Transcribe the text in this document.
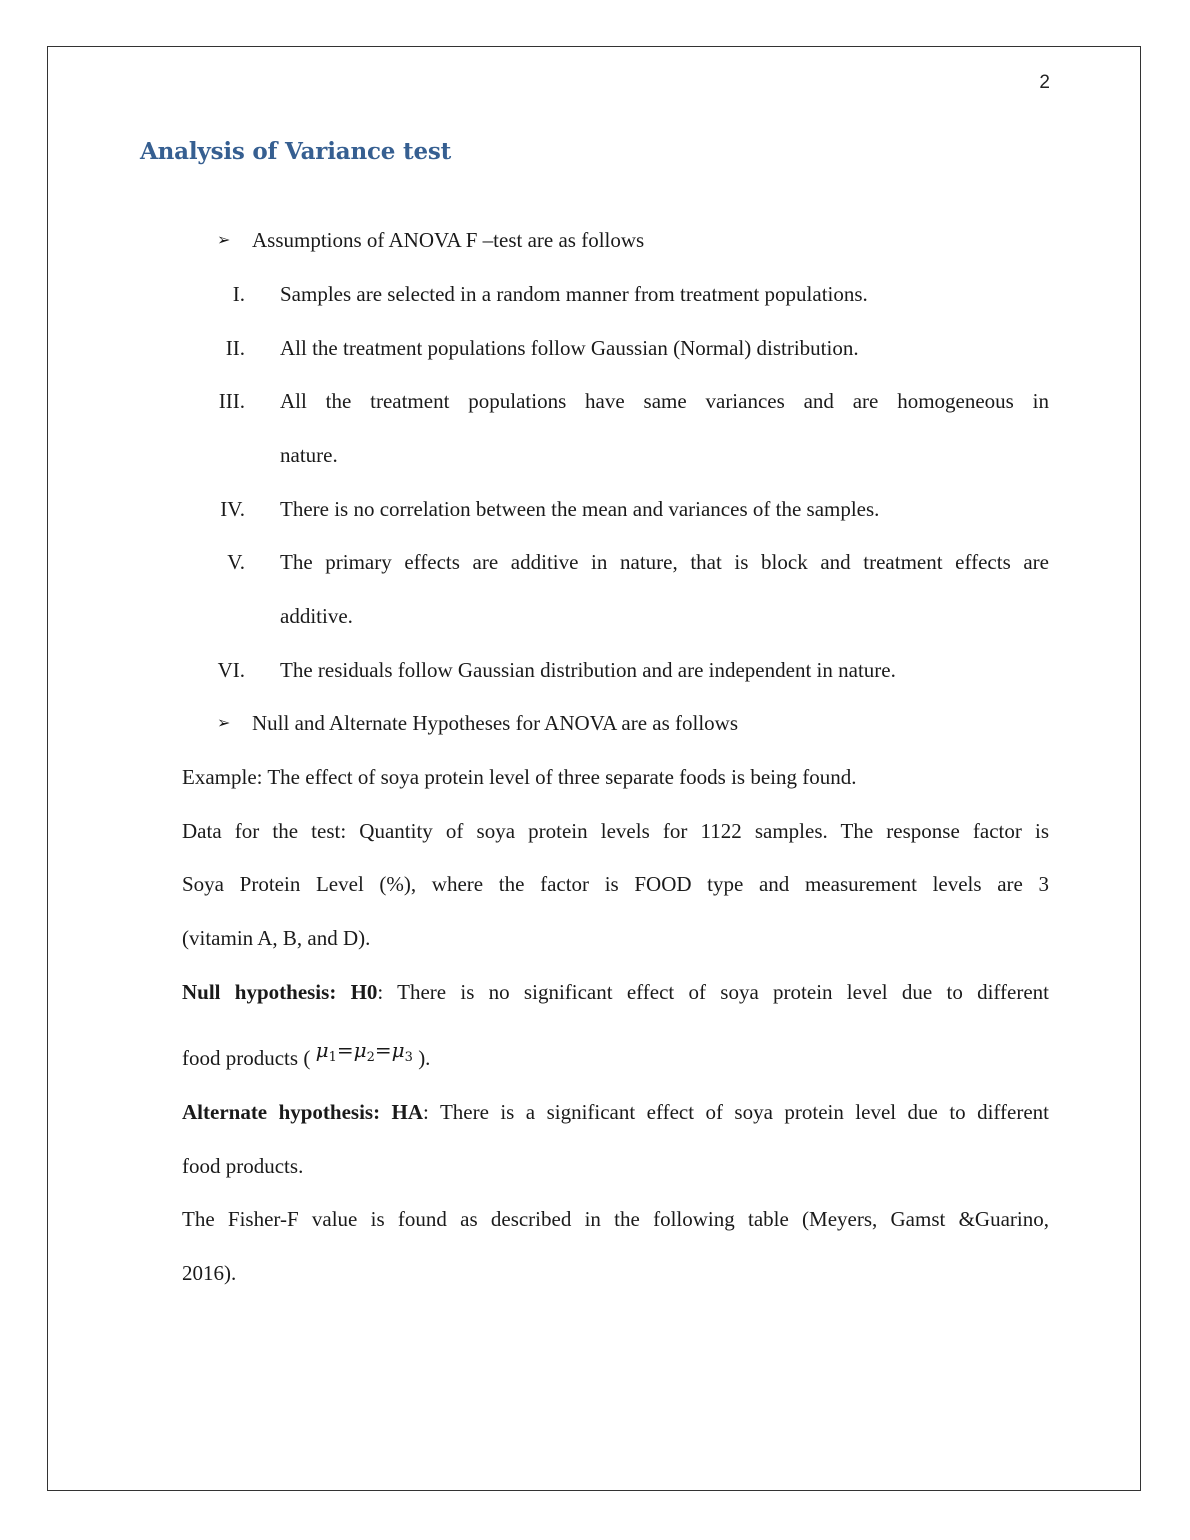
2
Analysis of Variance test
➢ Assumptions of ANOVA F –test are as follows
I. Samples are selected in a random manner from treatment populations.
II. All the treatment populations follow Gaussian (Normal) distribution.
III. All the treatment populations have same variances and are homogeneous in
nature.
IV. There is no correlation between the mean and variances of the samples.
V. The primary effects are additive in nature, that is block and treatment effects are
additive.
VI. The residuals follow Gaussian distribution and are independent in nature.
➢ Null and Alternate Hypotheses for ANOVA are as follows
Example: The effect of soya protein level of three separate foods is being found.
Data for the test: Quantity of soya protein levels for 1122 samples. The response factor is
Soya Protein Level (%), where the factor is FOOD type and measurement levels are 3
(vitamin A, B, and D).
Null hypothesis: H0: There is no significant effect of soya protein level due to different
food products ( $\mu_1=\mu_2=\mu_3$ ).
Alternate hypothesis: HA: There is a significant effect of soya protein level due to different
food products.
The Fisher-F value is found as described in the following table (Meyers, Gamst &Guarino,
2016).
